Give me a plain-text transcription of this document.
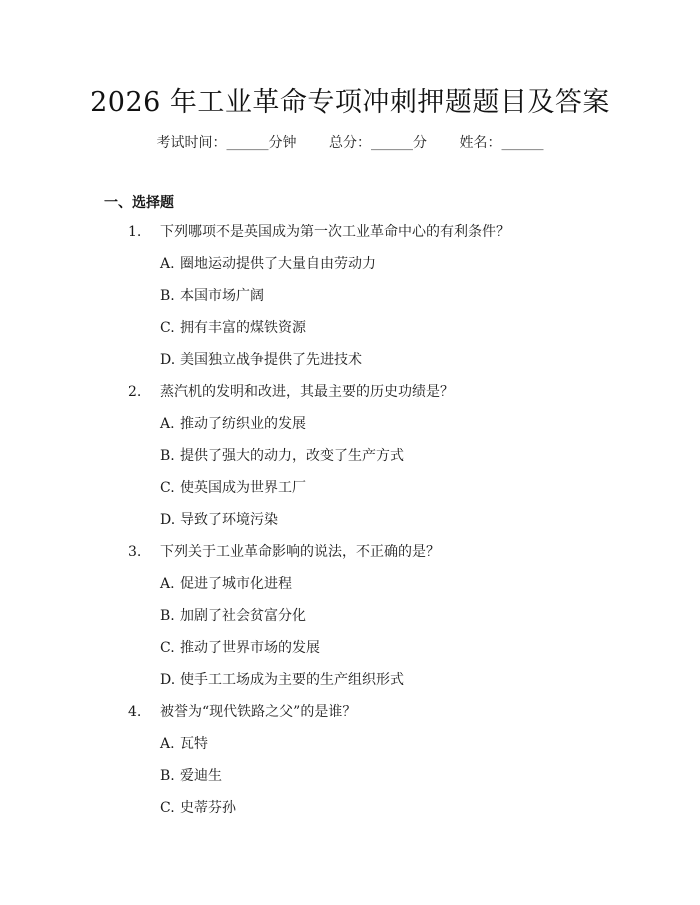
2026 年工业革命专项冲刺押题题目及答案
考试时间：______分钟 总分：______分 姓名：______
一、选择题
1. 下列哪项不是英国成为第一次工业革命中心的有利条件？
A. 圈地运动提供了大量自由劳动力
B. 本国市场广阔
C. 拥有丰富的煤铁资源
D. 美国独立战争提供了先进技术
2. 蒸汽机的发明和改进，其最主要的历史功绩是？
A. 推动了纺织业的发展
B. 提供了强大的动力，改变了生产方式
C. 使英国成为世界工厂
D. 导致了环境污染
3. 下列关于工业革命影响的说法，不正确的是？
A. 促进了城市化进程
B. 加剧了社会贫富分化
C. 推动了世界市场的发展
D. 使手工工场成为主要的生产组织形式
4. 被誉为“现代铁路之父”的是谁？
A. 瓦特
B. 爱迪生
C. 史蒂芬孙
